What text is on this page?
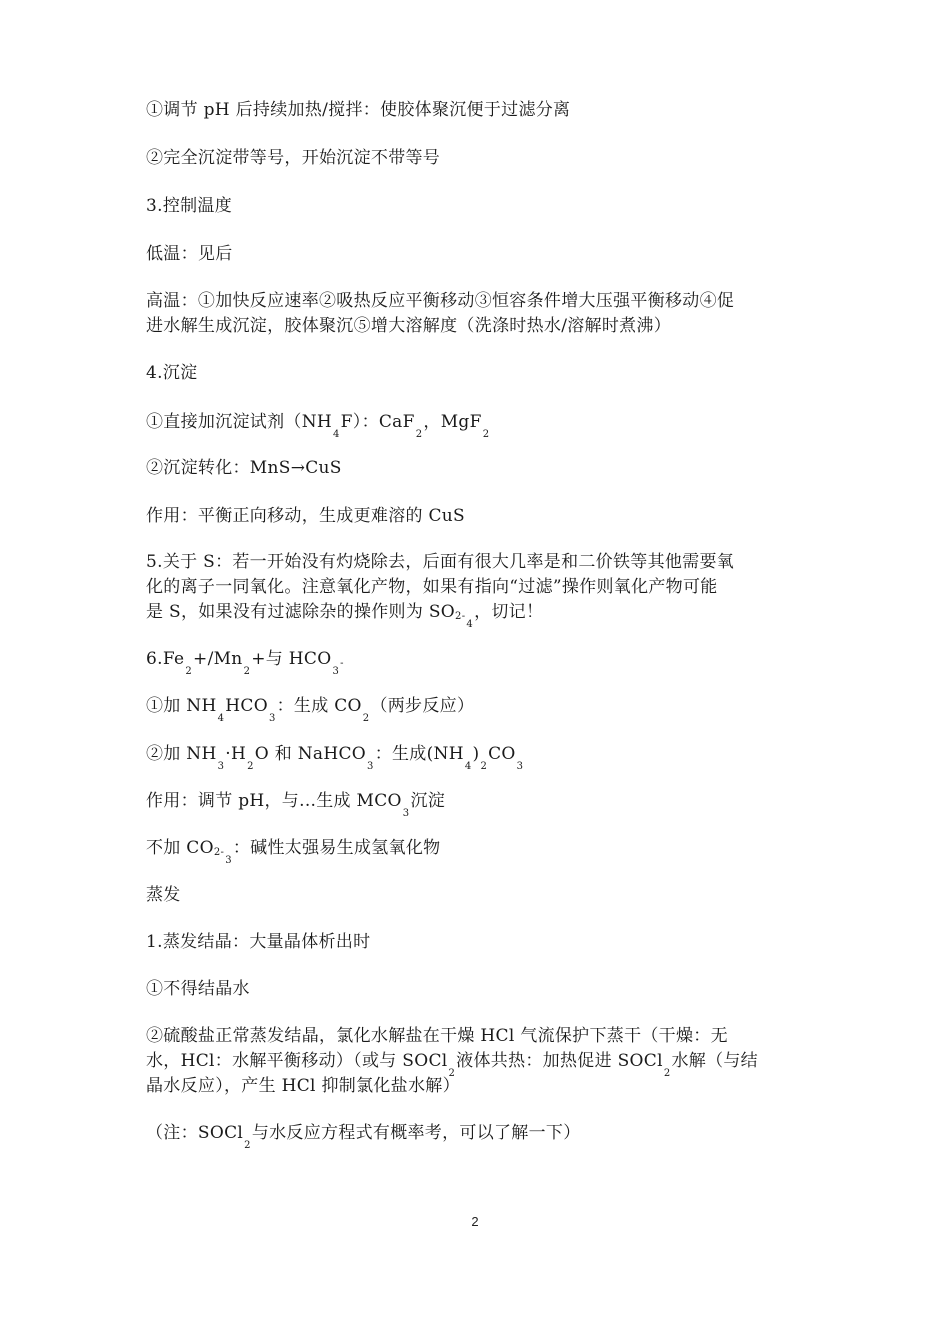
①调节 pH 后持续加热/搅拌：使胶体聚沉便于过滤分离
②完全沉淀带等号，开始沉淀不带等号
3.控制温度
低温：见后
高温：①加快反应速率②吸热反应平衡移动③恒容条件增大压强平衡移动④促
进水解生成沉淀，胶体聚沉⑤增大溶解度（洗涤时热水/溶解时煮沸）
4.沉淀
①直接加沉淀试剂$(NH_4F)$：CaF$_2$，MgF$_2$
②沉淀转化：MnS→CuS
作用：平衡正向移动，生成更难溶的 CuS
5.关于 S：若一开始没有灼烧除去，后面有很大几率是和二价铁等其他需要氧
化的离子一同氧化。注意氧化产物，如果有指向“过滤”操作则氧化产物可能
是 S，如果没有过滤除杂的操作则为 $SO^{2-}_4$，切记！
$6.Fe_2+/Mn_2+$与 $HCO_3^-$
①加 $NH_4HCO_3$：生成 $CO_2$（两步反应）
②加 $NH_3\cdot H_2O$ 和 NaHCO$_3$：生成$(NH_4)_2CO_3$
作用：调节 pH，与...生成 $MCO_3$沉淀
不加 $CO^{2-}_3$：碱性太强易生成氢氧化物
蒸发
1.蒸发结晶：大量晶体析出时
①不得结晶水
②硫酸盐正常蒸发结晶，氯化水解盐在干燥 HCl 气流保护下蒸干（干燥：无
水，HCl：水解平衡移动）（或与 SOCl$_2$液体共热：加热促进 SOCl$_2$水解（与结
晶水反应），产生 HCl 抑制氯化盐水解）
（注：SOCl$_2$与水反应方程式有概率考，可以了解一下）
2
